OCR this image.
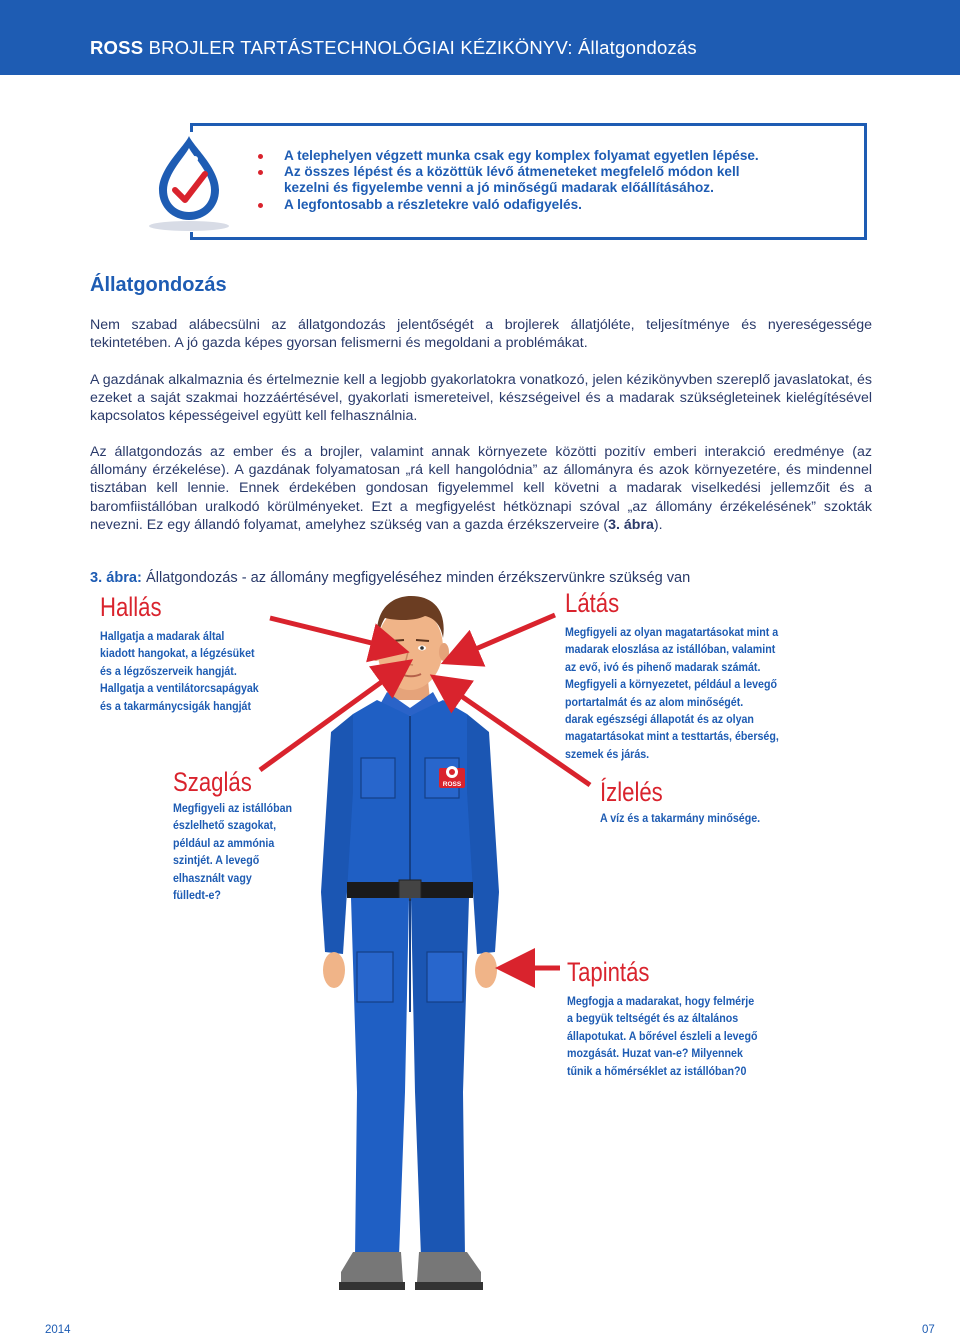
ROSS BROJLER TARTÁSTECHNOLÓGIAI KÉZIKÖNYV: Állatgondozás
A telephelyen végzett munka csak egy komplex folyamat egyetlen lépése.
Az összes lépést és a közöttük lévő átmeneteket megfelelő módon kell
kezelni és figyelembe venni a jó minőségű madarak előállításához.
A legfontosabb a részletekre való odafigyelés.
Állatgondozás

Nem szabad alábecsülni az állatgondozás jelentőségét a brojlerek állatjóléte, teljesítménye és nyereségessége tekintetében. A jó gazda képes gyorsan felismerni és megoldani a problémákat.

A gazdának alkalmaznia és értelmeznie kell a legjobb gyakorlatokra vonatkozó, jelen kézikönyvben szereplő javaslatokat, és ezeket a saját szakmai hozzáértésével, gyakorlati ismereteivel, készségeivel és a madarak szükségleteinek kielégítésével kapcsolatos képességeivel együtt kell felhasználnia.

Az állatgondozás az ember és a brojler, valamint annak környezete közötti pozitív emberi interakció eredménye (az állomány érzékelése). A gazdának folyamatosan „rá kell hangolódnia” az állományra és azok környezetére, és mindennel tisztában kell lennie. Ennek érdekében gondosan figyelemmel kell követni a madarak viselkedési jellemzőit és a baromfiistállóban uralkodó körülményeket. Ezt a megfigyelést hétköznapi szóval „az állomány érzékelésének” szokták nevezni. Ez egy állandó folyamat, amelyhez szükség van a gazda érzékszerveire (3. ábra).

3. ábra: Állatgondozás - az állomány megfigyeléséhez minden érzékszervünkre szükség van
ROSS
Hallás
Hallgatja a madarak által
kiadott hangokat, a légzésüket
és a légzőszerveik hangját.
Hallgatja a ventilátorcsapágyak
és a takarmánycsigák hangját
Látás
Megfigyeli az olyan magatartásokat mint a
madarak eloszlása az istállóban, valamint
az evő, ivó és pihenő madarak számát.
Megfigyeli a környezetet, például a levegő
portartalmát és az alom minőségét.
darak egészségi állapotát és az olyan
magatartásokat mint a testtartás, éberség,
szemek és járás.
Szaglás
Megfigyeli az istállóban
észlelhető szagokat,
például az ammónia
szintjét. A levegő
elhasznált vagy
fülledt-e?
Ízlelés
A víz és a takarmány minősége.
Tapintás
Megfogja a madarakat, hogy felmérje
a begyük teltségét és az általános
állapotukat. A bőrével észleli a levegő
mozgását. Huzat van-e? Milyennek
tűnik a hőmérséklet az istállóban?0
2014	07
